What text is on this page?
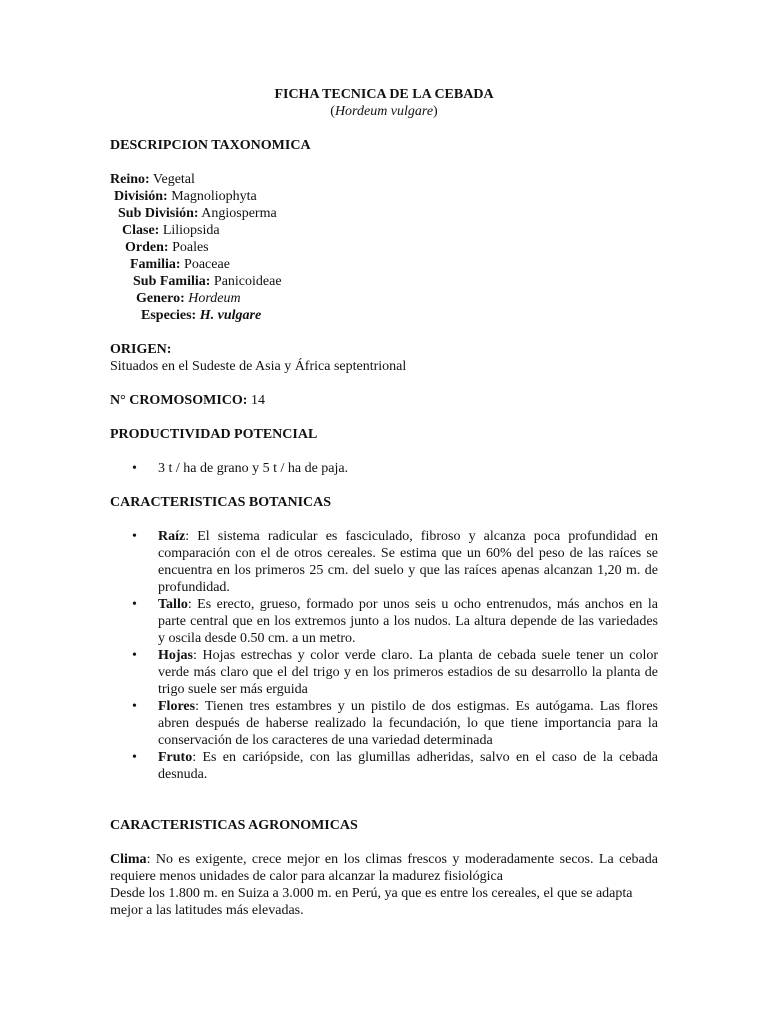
FICHA TECNICA DE LA CEBADA
(Hordeum vulgare)
DESCRIPCION TAXONOMICA
Reino: Vegetal
División: Magnoliophyta
Sub División: Angiosperma
Clase: Liliopsida
Orden: Poales
Familia: Poaceae
Sub Familia: Panicoideae
Genero: Hordeum
Especies: H. vulgare
ORIGEN:
Situados en el Sudeste de Asia y África septentrional
N° CROMOSOMICO: 14
PRODUCTIVIDAD POTENCIAL
• 3 t / ha de grano y 5 t / ha de paja.
CARACTERISTICAS BOTANICAS
• Raíz: El sistema radicular es fasciculado, fibroso y alcanza poca profundidad en comparación con el de otros cereales. Se estima que un 60% del peso de las raíces se encuentra en los primeros 25 cm. del suelo y que las raíces apenas alcanzan 1,20 m. de profundidad.
• Tallo: Es erecto, grueso, formado por unos seis u ocho entrenudos, más anchos en la parte central que en los extremos junto a los nudos. La altura depende de las variedades y oscila desde 0.50 cm. a un metro.
• Hojas: Hojas estrechas y color verde claro. La planta de cebada suele tener un color verde más claro que el del trigo y en los primeros estadios de su desarrollo la planta de trigo suele ser más erguida
• Flores: Tienen tres estambres y un pistilo de dos estigmas. Es autógama. Las flores abren después de haberse realizado la fecundación, lo que tiene importancia para la conservación de los caracteres de una variedad determinada
• Fruto: Es en cariópside, con las glumillas adheridas, salvo en el caso de la cebada desnuda.
CARACTERISTICAS AGRONOMICAS

Clima: No es exigente, crece mejor en los climas frescos y moderadamente secos. La cebada requiere menos unidades de calor para alcanzar la madurez fisiológica

Desde los 1.800 m. en Suiza a 3.000 m. en Perú, ya que es entre los cereales, el que se adapta mejor a las latitudes más elevadas.
